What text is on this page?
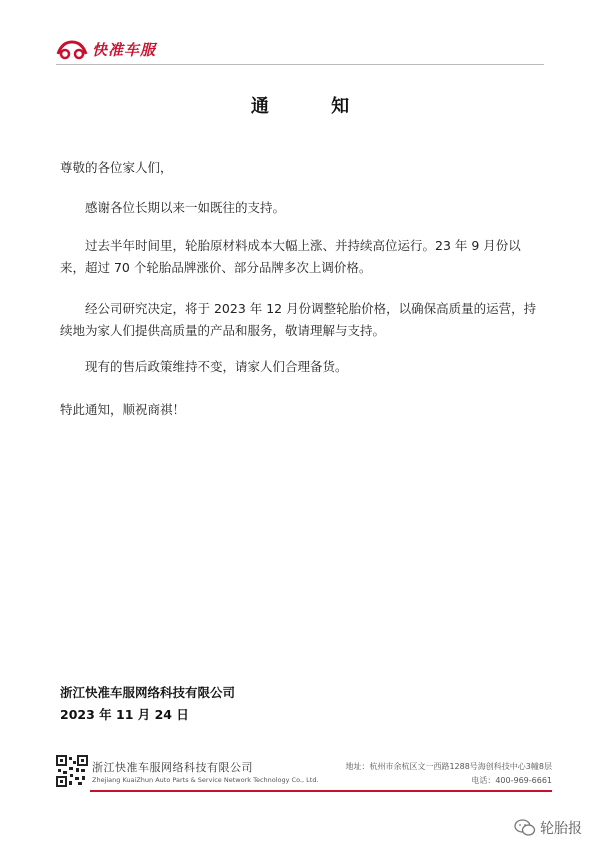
快准车服
通 知
尊敬的各位家人们，
感谢各位长期以来一如既往的支持。
过去半年时间里，轮胎原材料成本大幅上涨、并持续高位运行。23 年 9 月份以来，超过 70 个轮胎品牌涨价、部分品牌多次上调价格。
经公司研究决定，将于 2023 年 12 月份调整轮胎价格，以确保高质量的运营，持续地为家人们提供高质量的产品和服务，敬请理解与支持。
现有的售后政策维持不变，请家人们合理备货。
特此通知，顺祝商祺！
浙江快准车服网络科技有限公司
2023 年 11 月 24 日
浙江快准车服网络科技有限公司
Zhejiang KuaiZhun Auto Parts & Service Network Technology Co., Ltd.
地址：杭州市余杭区文一西路1288号海创科技中心3幢8层
电话：400-969-6661
轮胎报
